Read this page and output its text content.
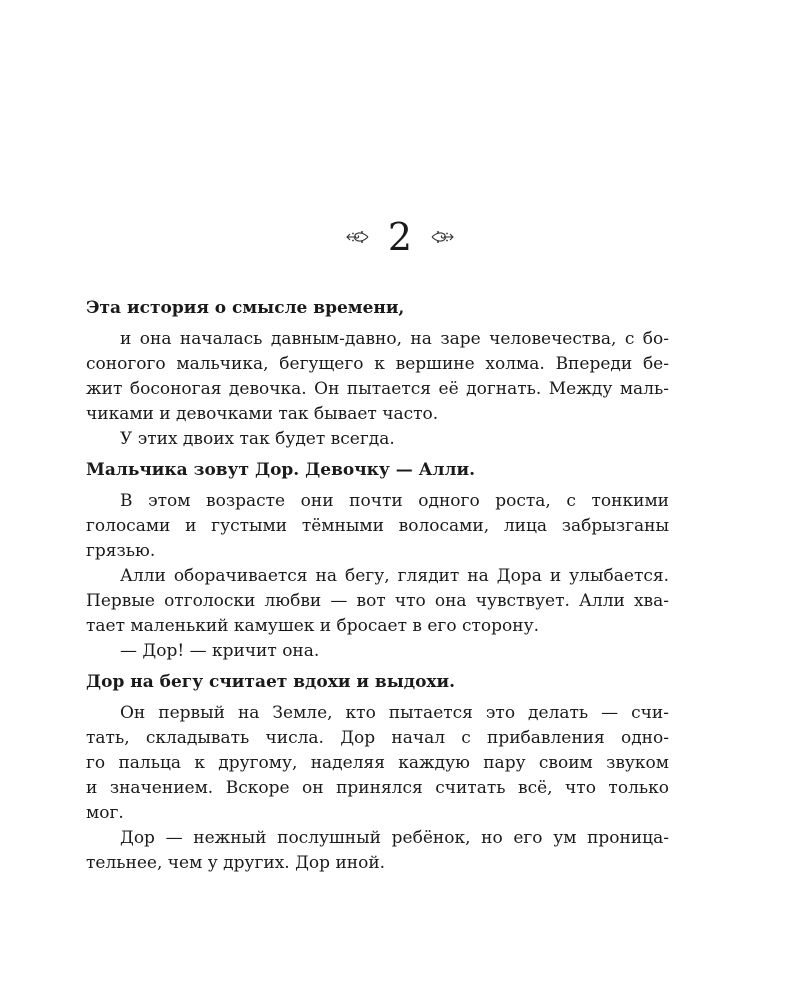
2

Эта история о смысле времени,

и она началась давным-давно, на заре человечества, с бо-
соногого мальчика, бегущего к вершине холма. Впереди бе-
жит босоногая девочка. Он пытается её догнать. Между маль-
чиками и девочками так бывает часто.

У этих двоих так будет всегда.

Мальчика зовут Дор. Девочку — Алли.

В этом возрасте они почти одного роста, с тонкими
голосами и густыми тёмными волосами, лица забрызганы
грязью.

Алли оборачивается на бегу, глядит на Дора и улыбается.
Первые отголоски любви — вот что она чувствует. Алли хва-
тает маленький камушек и бросает в его сторону.

— Дор! — кричит она.

Дор на бегу считает вдохи и выдохи.

Он первый на Земле, кто пытается это делать — счи-
тать, складывать числа. Дор начал с прибавления одно-
го пальца к другому, наделяя каждую пару своим звуком
и значением. Вскоре он принялся считать всё, что только
мог.

Дор — нежный послушный ребёнок, но его ум проница-
тельнее, чем у других. Дор иной.
